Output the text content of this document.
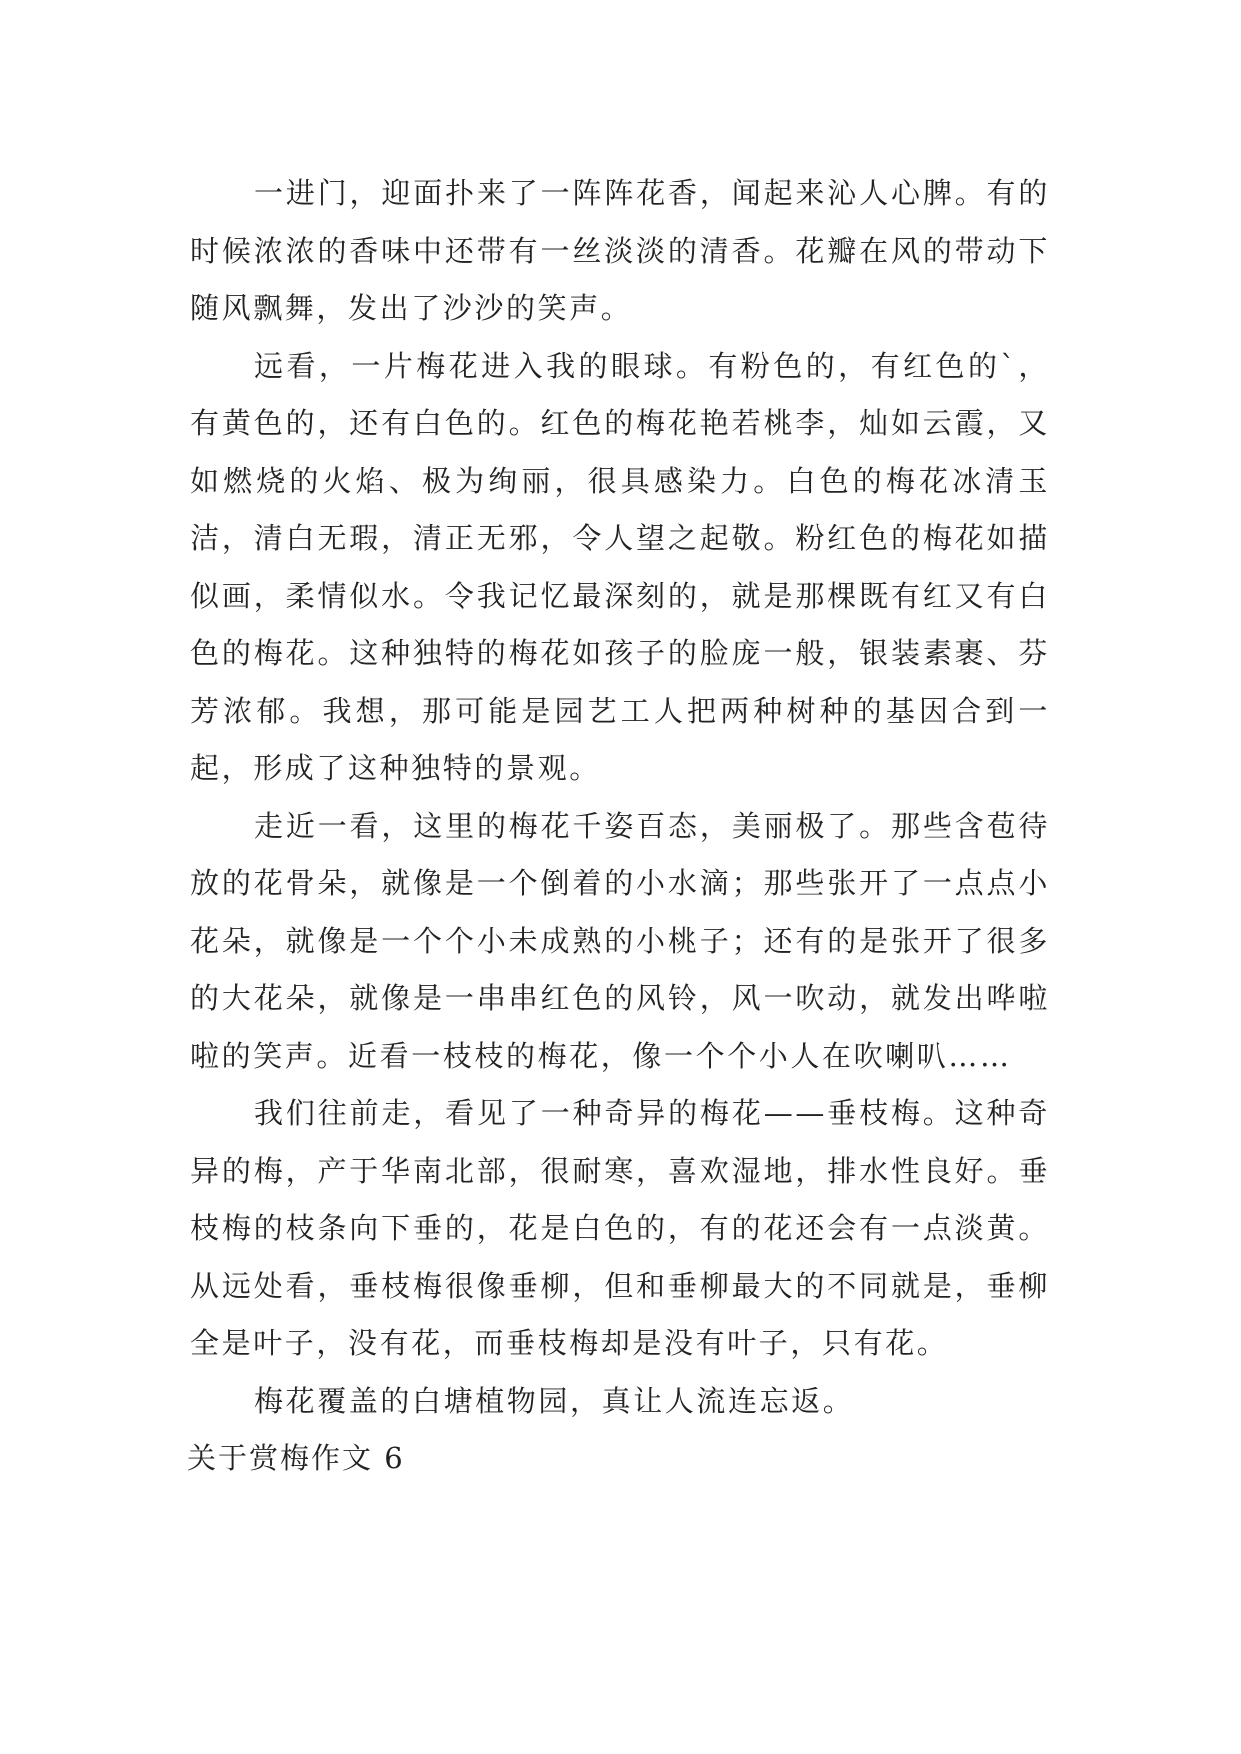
一进门，迎面扑来了一阵阵花香，闻起来沁人心脾。有的时候浓浓的香味中还带有一丝淡淡的清香。花瓣在风的带动下随风飘舞，发出了沙沙的笑声。

远看，一片梅花进入我的眼球。有粉色的，有红色的`，有黄色的，还有白色的。红色的梅花艳若桃李，灿如云霞，又如燃烧的火焰、极为绚丽，很具感染力。白色的梅花冰清玉洁，清白无瑕，清正无邪，令人望之起敬。粉红色的梅花如描似画，柔情似水。令我记忆最深刻的，就是那棵既有红又有白色的梅花。这种独特的梅花如孩子的脸庞一般，银装素裹、芬芳浓郁。我想，那可能是园艺工人把两种树种的基因合到一起，形成了这种独特的景观。

走近一看，这里的梅花千姿百态，美丽极了。那些含苞待放的花骨朵，就像是一个倒着的小水滴；那些张开了一点点小花朵，就像是一个个小未成熟的小桃子；还有的是张开了很多的大花朵，就像是一串串红色的风铃，风一吹动，就发出哗啦啦的笑声。近看一枝枝的梅花，像一个个小人在吹喇叭……

我们往前走，看见了一种奇异的梅花——垂枝梅。这种奇异的梅，产于华南北部，很耐寒，喜欢湿地，排水性良好。垂枝梅的枝条向下垂的，花是白色的，有的花还会有一点淡黄。从远处看，垂枝梅很像垂柳，但和垂柳最大的不同就是，垂柳全是叶子，没有花，而垂枝梅却是没有叶子，只有花。

梅花覆盖的白塘植物园，真让人流连忘返。

关于赏梅作文 6
